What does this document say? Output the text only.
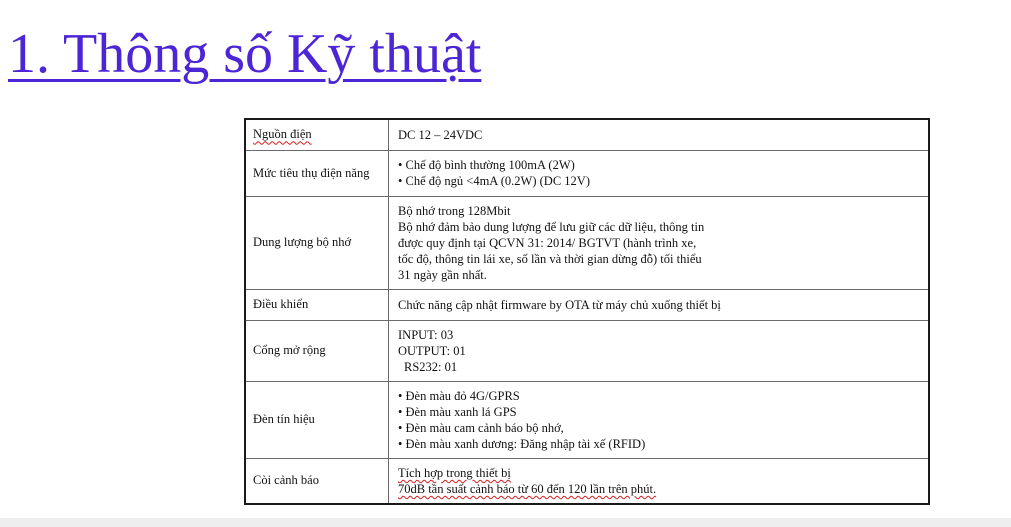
1. Thông số Kỹ thuật
Nguồn điện	DC 12 – 24VDC

Mức tiêu thụ điện năng	• Chế độ bình thường 100mA (2W)
• Chế độ ngủ <4mA (0.2W) (DC 12V)

Dung lượng bộ nhớ	Bộ nhớ trong 128Mbit
Bộ nhớ đảm bảo dung lượng để lưu giữ các dữ liệu, thông tin
được quy định tại QCVN 31: 2014/ BGTVT (hành trình xe,
tốc độ, thông tin lái xe, số lần và thời gian dừng đỗ) tối thiểu
31 ngày gần nhất.

Điều khiển	Chức năng cập nhật firmware by OTA từ máy chủ xuống thiết bị

Cổng mở rộng	INPUT: 03
OUTPUT: 01
RS232: 01

Đèn tín hiệu	• Đèn màu đỏ 4G/GPRS
• Đèn màu xanh lá GPS
• Đèn màu cam cảnh báo bộ nhớ,
• Đèn màu xanh dương: Đăng nhập tài xế (RFID)

Còi cảnh báo	Tích hợp trong thiết bị
70dB tần suất cảnh báo từ 60 đến 120 lần trên phút.
